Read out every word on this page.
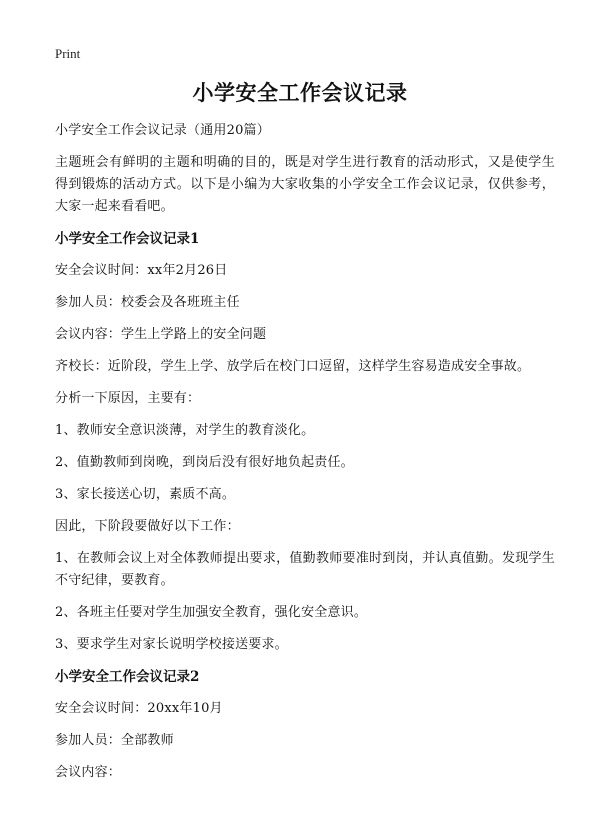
Print
小学安全工作会议记录

小学安全工作会议记录（通用20篇）

主题班会有鲜明的主题和明确的目的，既是对学生进行教育的活动形式，又是使学生得到锻炼的活动方式。以下是小编为大家收集的小学安全工作会议记录，仅供参考，大家一起来看看吧。

小学安全工作会议记录1

安全会议时间：xx年2月26日

参加人员：校委会及各班班主任

会议内容：学生上学路上的安全问题

齐校长：近阶段，学生上学、放学后在校门口逗留，这样学生容易造成安全事故。

分析一下原因，主要有：

1、教师安全意识淡薄，对学生的教育淡化。

2、值勤教师到岗晚，到岗后没有很好地负起责任。

3、家长接送心切，素质不高。

因此，下阶段要做好以下工作：

1、在教师会议上对全体教师提出要求，值勤教师要准时到岗，并认真值勤。发现学生不守纪律，要教育。

2、各班主任要对学生加强安全教育，强化安全意识。

3、要求学生对家长说明学校接送要求。

小学安全工作会议记录2

安全会议时间：20xx年10月

参加人员：全部教师

会议内容：
